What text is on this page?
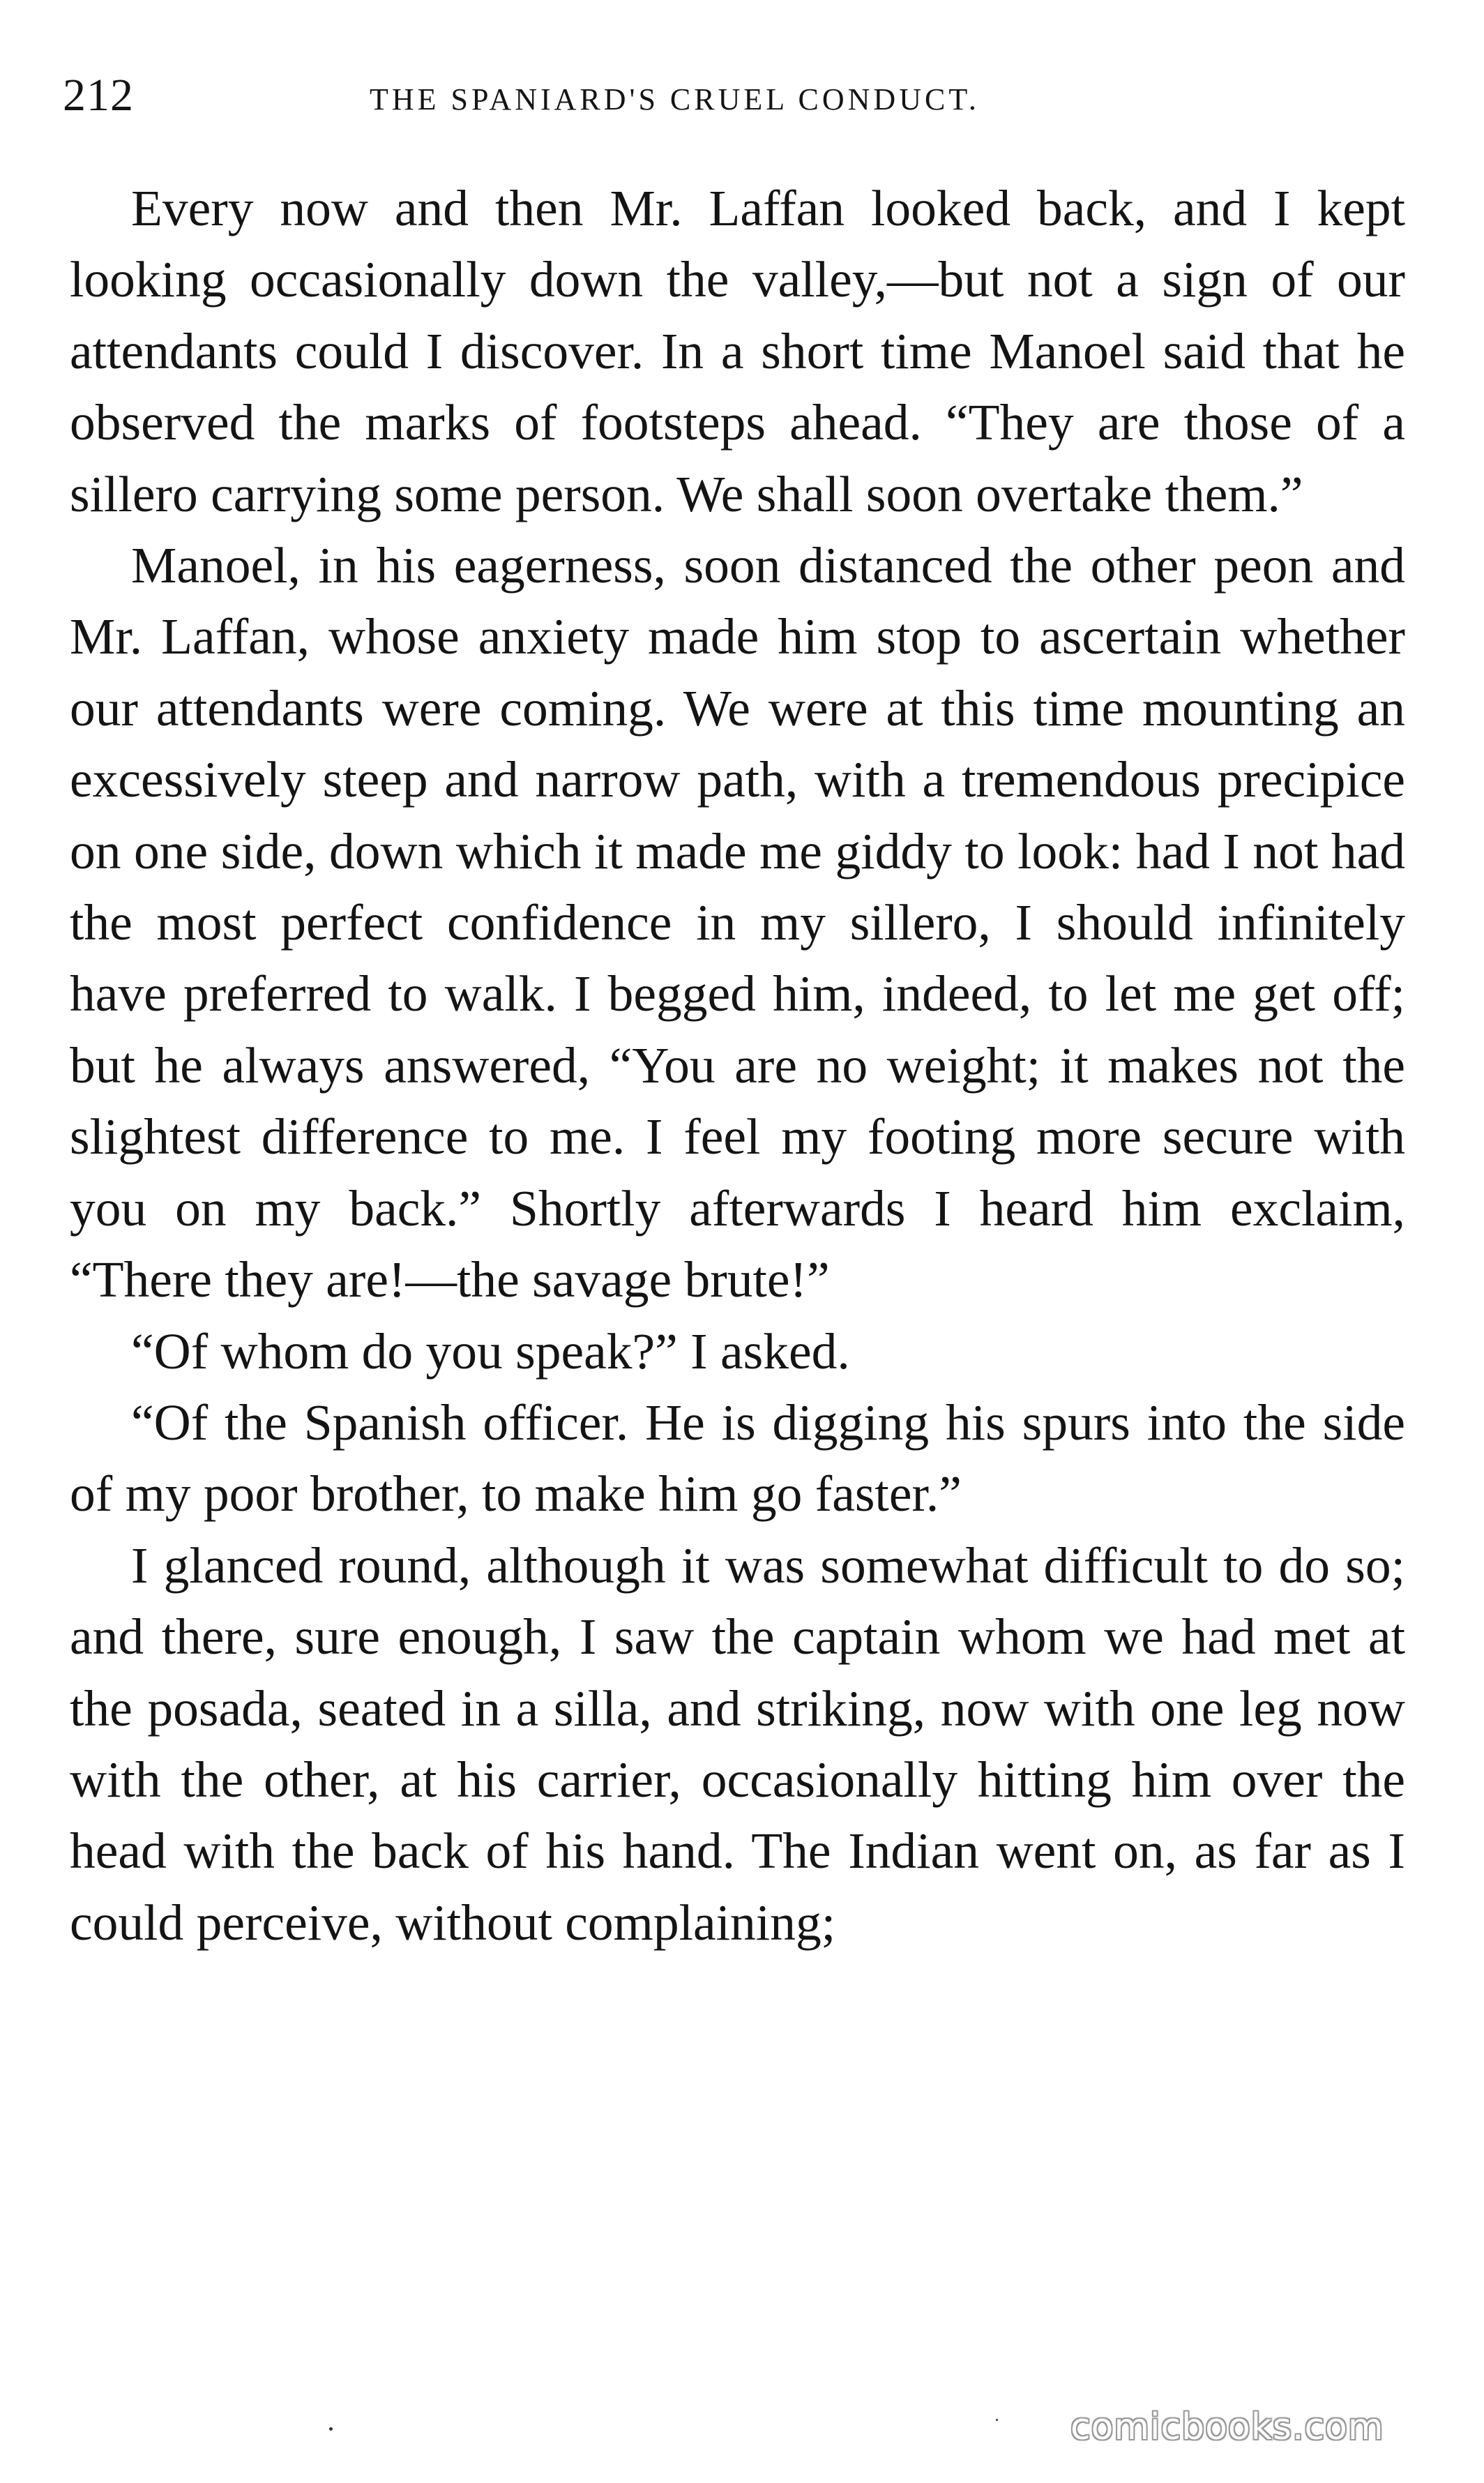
212	THE SPANIARD'S CRUEL CONDUCT.

Every now and then Mr. Laffan looked back, and I kept looking occasionally down the valley,—but not a sign of our attendants could I discover. In a short time Manoel said that he observed the marks of footsteps ahead. “They are those of a sillero carrying some person. We shall soon overtake them.”

Manoel, in his eagerness, soon distanced the other peon and Mr. Laffan, whose anxiety made him stop to ascertain whether our attendants were coming. We were at this time mounting an excessively steep and narrow path, with a tremendous precipice on one side, down which it made me giddy to look: had I not had the most perfect confidence in my sillero, I should infinitely have preferred to walk. I begged him, indeed, to let me get off; but he always answered, “You are no weight; it makes not the slightest difference to me. I feel my footing more secure with you on my back.” Shortly afterwards I heard him exclaim, “There they are!—the savage brute!”

“Of whom do you speak?” I asked.

“Of the Spanish officer. He is digging his spurs into the side of my poor brother, to make him go faster.”

I glanced round, although it was somewhat difficult to do so; and there, sure enough, I saw the captain whom we had met at the posada, seated in a silla, and striking, now with one leg now with the other, at his carrier, occasionally hitting him over the head with the back of his hand. The Indian went on, as far as I could perceive, without complaining;

comicbooks.com
